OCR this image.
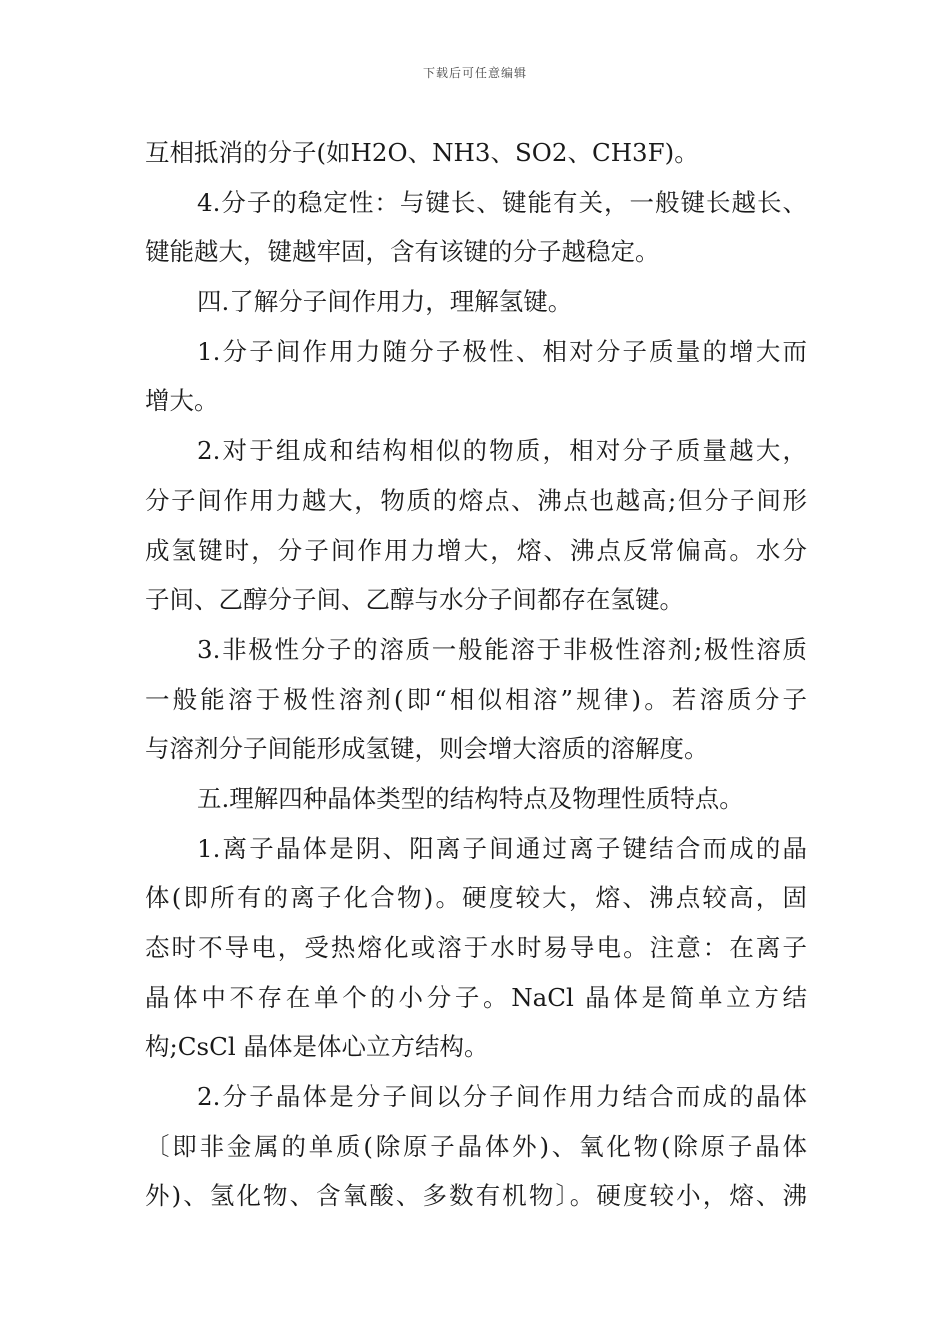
下载后可任意编辑
互相抵消的分子(如H2O、NH3、SO2、CH3F)。
4.分子的稳定性：与键长、键能有关，一般键长越长、
键能越大，键越牢固，含有该键的分子越稳定。
四.了解分子间作用力，理解氢键。
1.分子间作用力随分子极性、相对分子质量的增大而
增大。
2.对于组成和结构相似的物质，相对分子质量越大，
分子间作用力越大，物质的熔点、沸点也越高;但分子间形
成氢键时，分子间作用力增大，熔、沸点反常偏高。水分
子间、乙醇分子间、乙醇与水分子间都存在氢键。
3.非极性分子的溶质一般能溶于非极性溶剂;极性溶质
一般能溶于极性溶剂(即“相似相溶”规律)。若溶质分子
与溶剂分子间能形成氢键，则会增大溶质的溶解度。
五.理解四种晶体类型的结构特点及物理性质特点。
1.离子晶体是阴、阳离子间通过离子键结合而成的晶
体(即所有的离子化合物)。硬度较大，熔、沸点较高，固
态时不导电，受热熔化或溶于水时易导电。注意：在离子
晶体中不存在单个的小分子。NaCl 晶体是简单立方结
构;CsCl 晶体是体心立方结构。
2.分子晶体是分子间以分子间作用力结合而成的晶体
〔即非金属的单质(除原子晶体外)、氧化物(除原子晶体
外)、氢化物、含氧酸、多数有机物〕。硬度较小，熔、沸
